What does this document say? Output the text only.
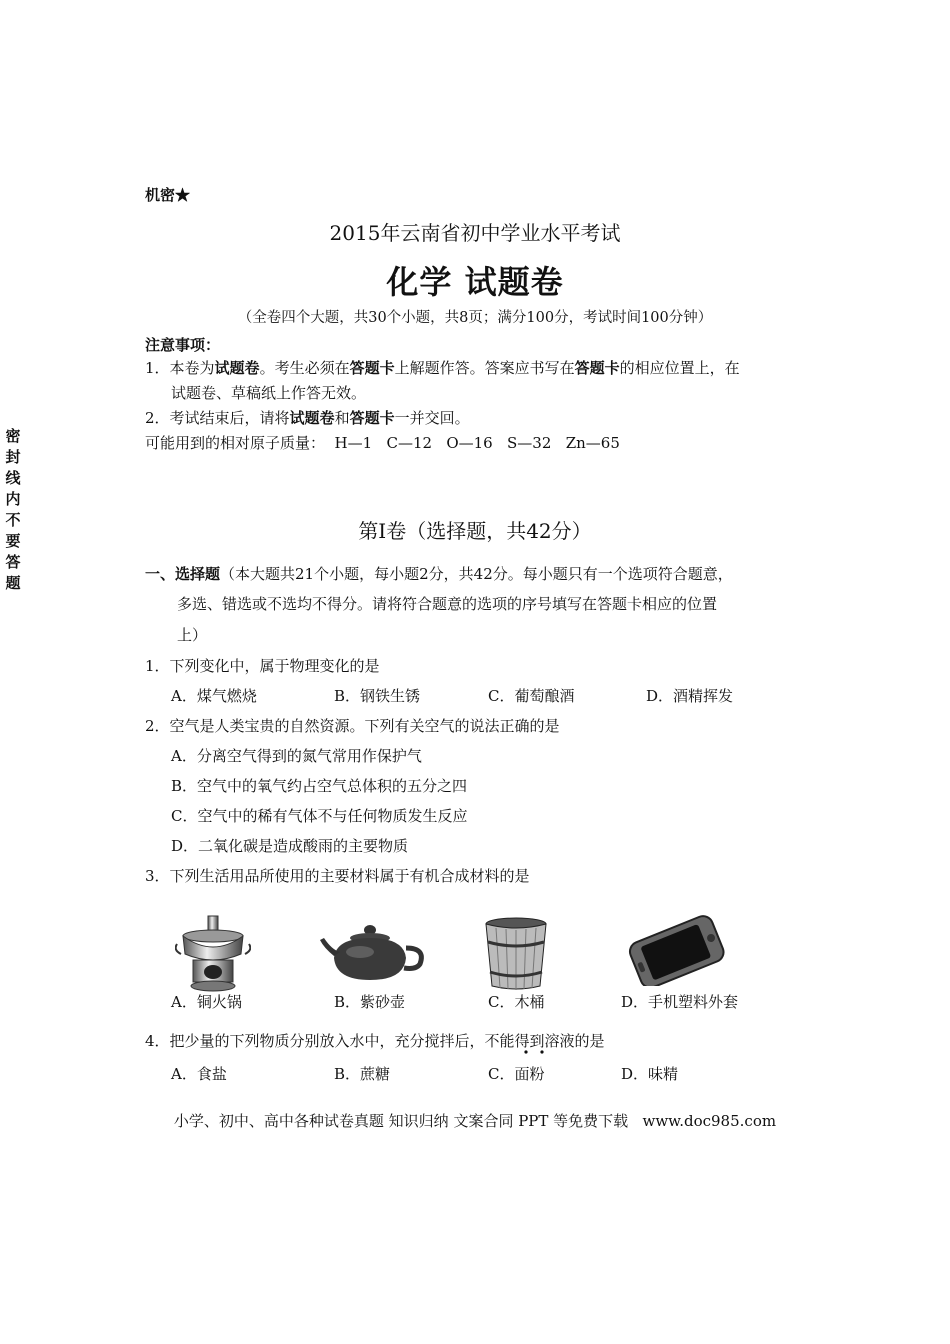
机密★
2015年云南省初中学业水平考试
化学 试题卷
（全卷四个大题，共30个小题，共8页；满分100分，考试时间100分钟）
注意事项：
1．本卷为试题卷。考生必须在答题卡上解题作答。答案应书写在答题卡的相应位置上，在
试题卷、草稿纸上作答无效。
2．考试结束后，请将试题卷和答题卡一并交回。
可能用到的相对原子质量：  H—1   C—12   O—16   S—32   Zn—65
密封线内不要答题
第Ⅰ卷（选择题，共42分）
一、选择题（本大题共21个小题，每小题2分，共42分。每小题只有一个选项符合题意，
多选、错选或不选均不得分。请将符合题意的选项的序号填写在答题卡相应的位置
上）
1．下列变化中，属于物理变化的是
A．煤气燃烧	B．钢铁生锈	C．葡萄酿酒	D．酒精挥发
2．空气是人类宝贵的自然资源。下列有关空气的说法正确的是
A．分离空气得到的氮气常用作保护气
B．空气中的氧气约占空气总体积的五分之四
C．空气中的稀有气体不与任何物质发生反应
D．二氧化碳是造成酸雨的主要物质
3．下列生活用品所使用的主要材料属于有机合成材料的是
A．铜火锅	B．紫砂壶	C．木桶	D．手机塑料外套
4．把少量的下列物质分别放入水中，充分搅拌后，不能得到溶液的是
A．食盐	B．蔗糖	C．面粉	D．味精
小学、初中、高中各种试卷真题 知识归纳 文案合同 PPT 等免费下载   www.doc985.com
